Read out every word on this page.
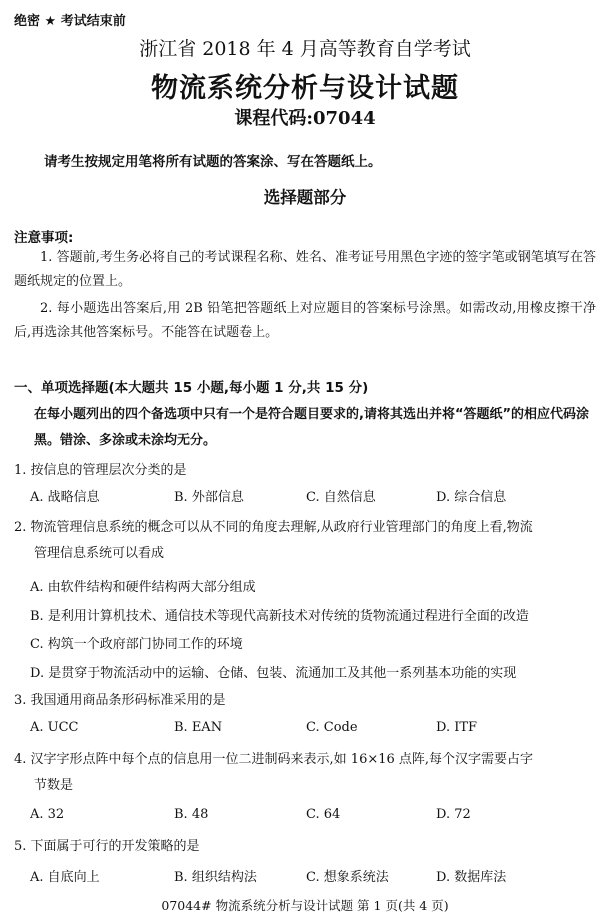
绝密 ★ 考试结束前
浙江省 2018 年 4 月高等教育自学考试
物流系统分析与设计试题
课程代码:07044
请考生按规定用笔将所有试题的答案涂、写在答题纸上。
选择题部分
注意事项:
1. 答题前,考生务必将自己的考试课程名称、姓名、准考证号用黑色字迹的签字笔或钢笔填写在答题纸规定的位置上。
2. 每小题选出答案后,用 2B 铅笔把答题纸上对应题目的答案标号涂黑。如需改动,用橡皮擦干净后,再选涂其他答案标号。不能答在试题卷上。
一、单项选择题(本大题共 15 小题,每小题 1 分,共 15 分)
在每小题列出的四个备选项中只有一个是符合题目要求的,请将其选出并将“答题纸”的相应代码涂黑。错涂、多涂或未涂均无分。
1. 按信息的管理层次分类的是
A. 战略信息	B. 外部信息	C. 自然信息	D. 综合信息
2. 物流管理信息系统的概念可以从不同的角度去理解,从政府行业管理部门的角度上看,物流
管理信息系统可以看成
A. 由软件结构和硬件结构两大部分组成
B. 是利用计算机技术、通信技术等现代高新技术对传统的货物流通过程进行全面的改造
C. 构筑一个政府部门协同工作的环境
D. 是贯穿于物流活动中的运输、仓储、包装、流通加工及其他一系列基本功能的实现
3. 我国通用商品条形码标准采用的是
A. UCC	B. EAN	C. Code	D. ITF
4. 汉字字形点阵中每个点的信息用一位二进制码来表示,如 16×16 点阵,每个汉字需要占字
节数是
A. 32	B. 48	C. 64	D. 72
5. 下面属于可行的开发策略的是
A. 自底向上	B. 组织结构法	C. 想象系统法	D. 数据库法
07044# 物流系统分析与设计试题 第 1 页(共 4 页)
